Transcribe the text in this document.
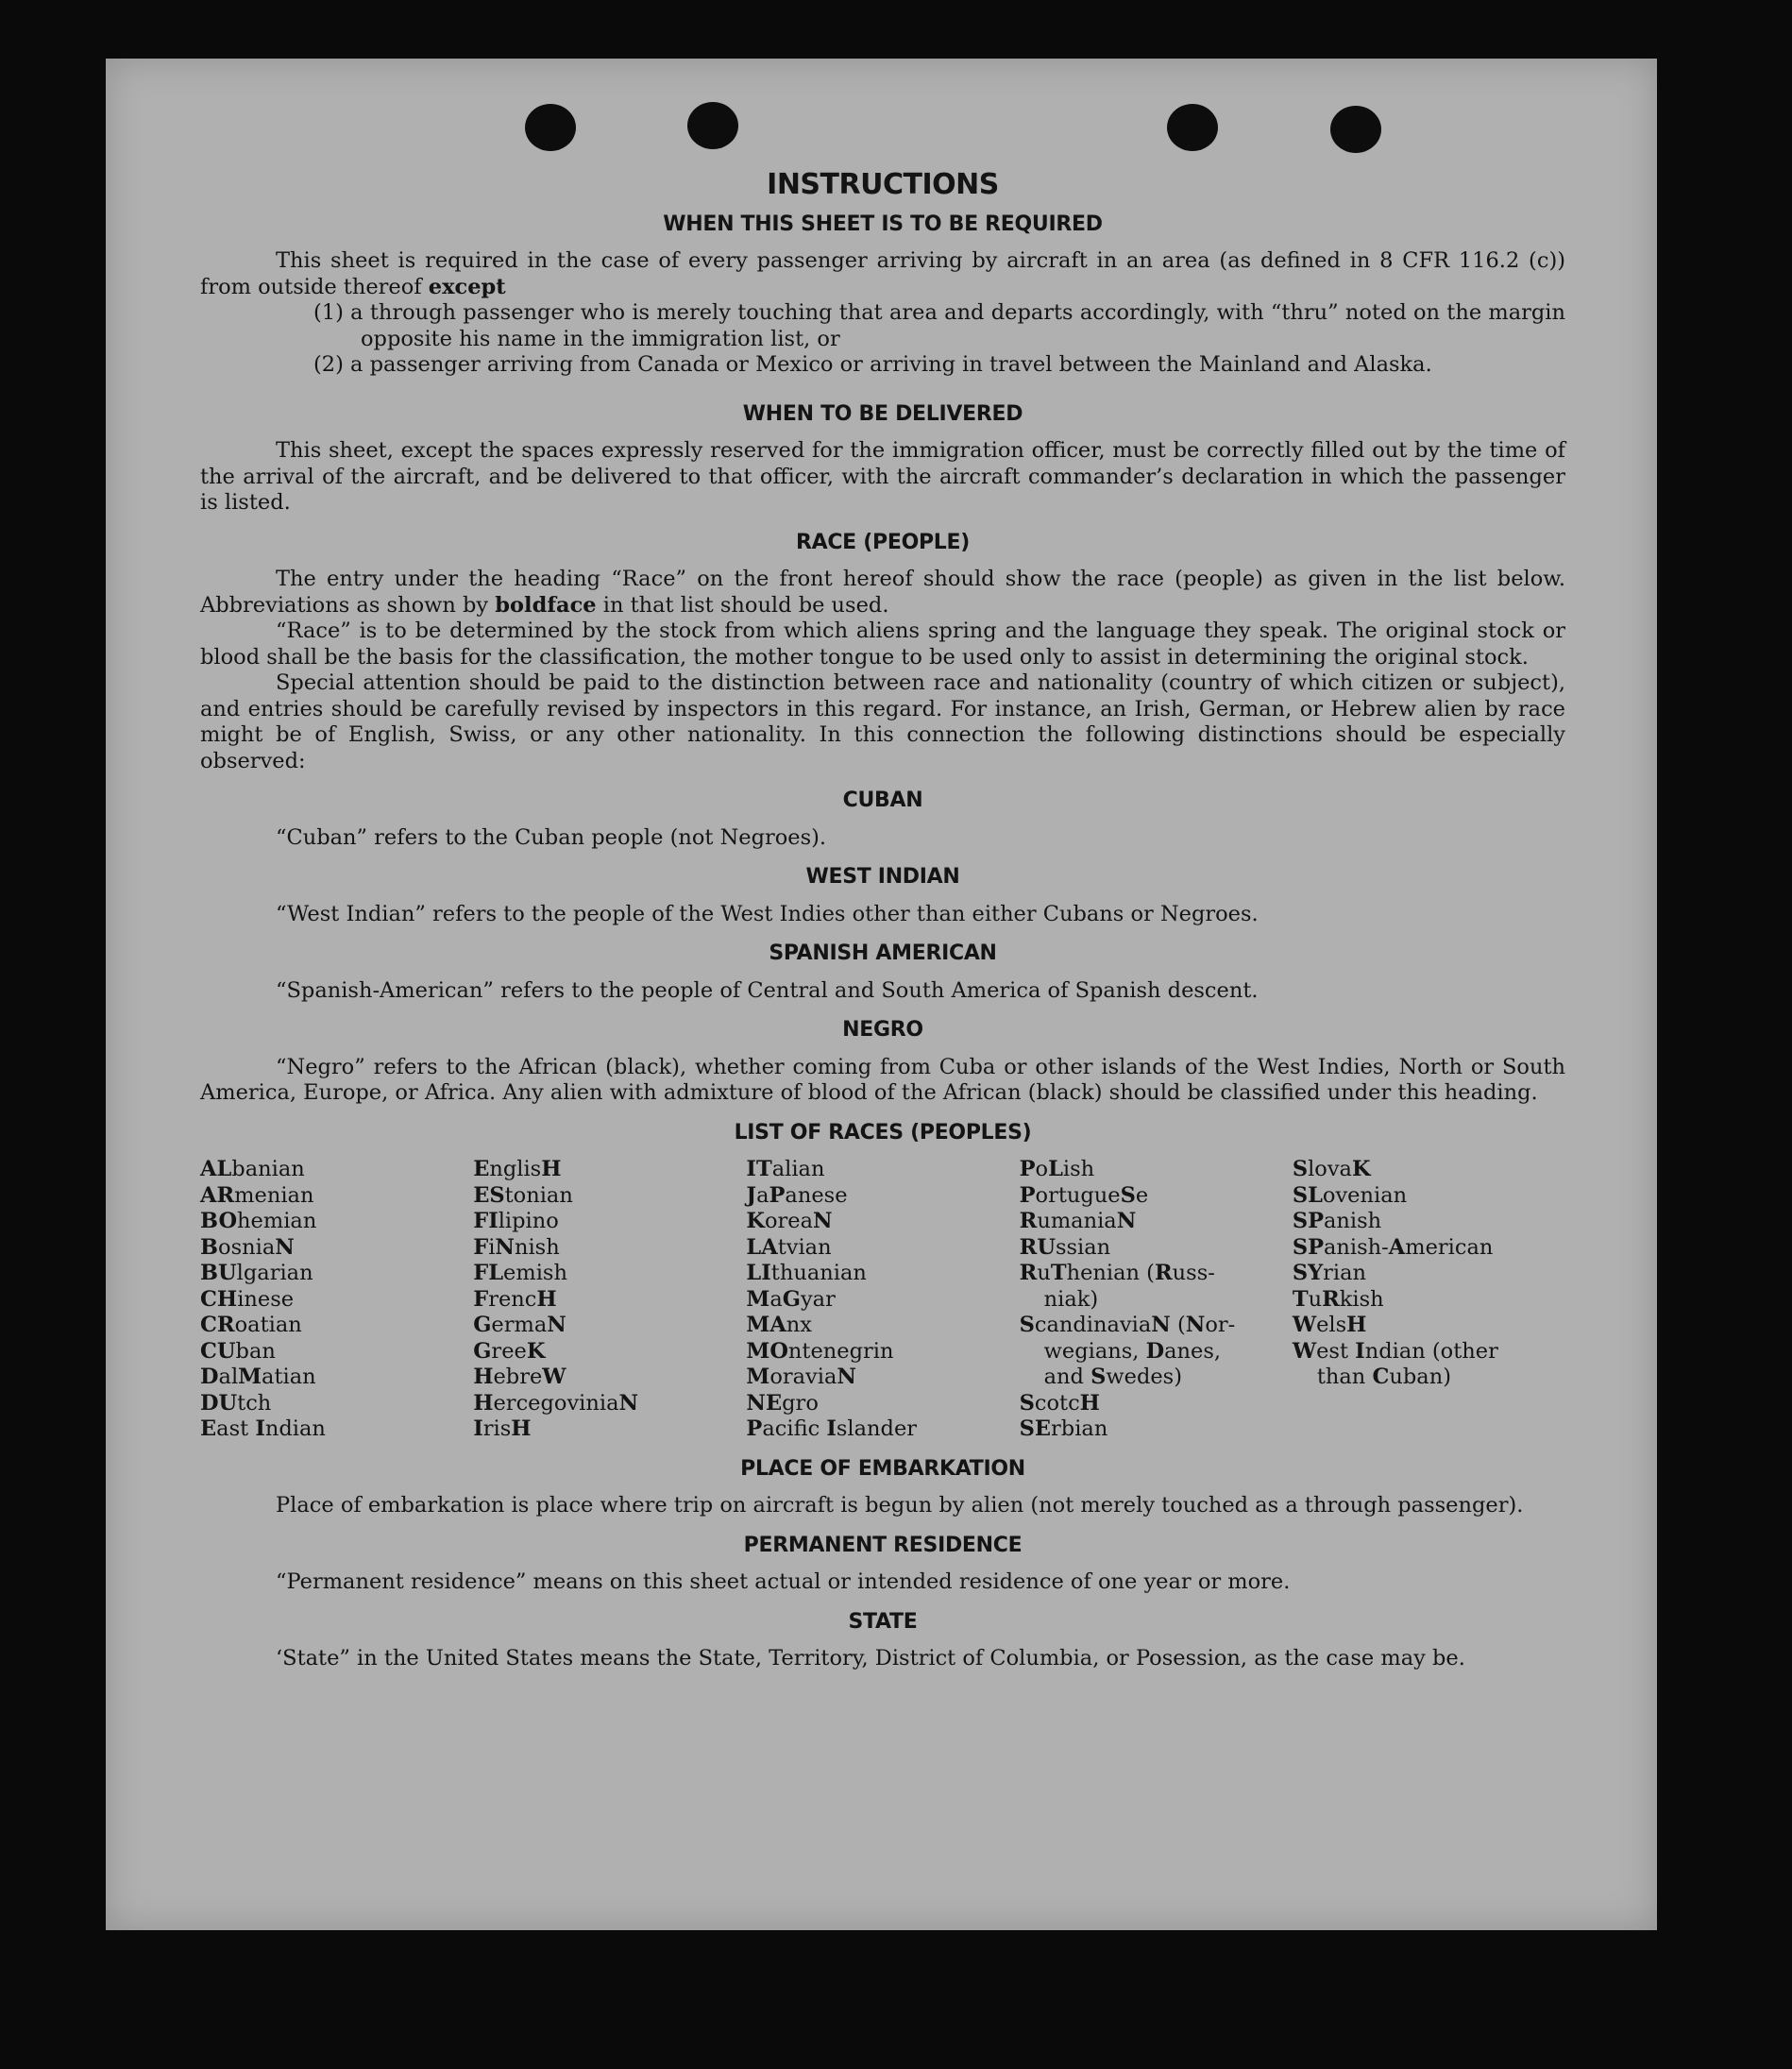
INSTRUCTIONS
WHEN THIS SHEET IS TO BE REQUIRED

This sheet is required in the case of every passenger arriving by aircraft in an area (as defined in 8 CFR 116.2 (c)) from outside thereof except

(1) a through passenger who is merely touching that area and departs accordingly, with “thru” noted on the margin opposite his name in the immigration list, or

(2) a passenger arriving from Canada or Mexico or arriving in travel between the Mainland and Alaska.

WHEN TO BE DELIVERED

This sheet, except the spaces expressly reserved for the immigration officer, must be correctly filled out by the time of the arrival of the aircraft, and be delivered to that officer, with the aircraft commander’s declaration in which the passenger is listed.

RACE (PEOPLE)

The entry under the heading “Race” on the front hereof should show the race (people) as given in the list below. Abbreviations as shown by boldface in that list should be used.

“Race” is to be determined by the stock from which aliens spring and the language they speak. The original stock or blood shall be the basis for the classification, the mother tongue to be used only to assist in determining the original stock.

Special attention should be paid to the distinction between race and nationality (country of which citizen or subject), and entries should be carefully revised by inspectors in this regard. For instance, an Irish, German, or Hebrew alien by race might be of English, Swiss, or any other nationality. In this connection the following distinctions should be especially observed:

CUBAN

“Cuban” refers to the Cuban people (not Negroes).

WEST INDIAN

“West Indian” refers to the people of the West Indies other than either Cubans or Negroes.

SPANISH AMERICAN

“Spanish-American” refers to the people of Central and South America of Spanish descent.

NEGRO

“Negro” refers to the African (black), whether coming from Cuba or other islands of the West Indies, North or South America, Europe, or Africa. Any alien with admixture of blood of the African (black) should be classified under this heading.

LIST OF RACES (PEOPLES)
ALbanian
ARmenian
BOhemian
BosniaN
BUlgarian
CHinese
CRoatian
CUban
DalMatian
DUtch
East Indian
EnglisH
EStonian
FIlipino
FiNnish
FLemish
FrencH
GermaN
GreeK
HebreW
HercegoviniaN
IrisH
ITalian
JaPanese
KoreaN
LAtvian
LIthuanian
MaGyar
MAnx
MOntenegrin
MoraviaN
NEgro
Pacifc Islander
PoLish
PortugueSe
RumaniaN
RUssian
RuThenian (Russ-
niak)
ScandinaviaN (Nor-
wegians, Danes,
and Swedes)
ScotcH
SErbian
SlovaK
SLovenian
SPanish
SPanish-American
SYrian
TuRkish
WelsH
West Indian (other
than Cuban)
PLACE OF EMBARKATION

Place of embarkation is place where trip on aircraft is begun by alien (not merely touched as a through passenger).

PERMANENT RESIDENCE

“Permanent residence” means on this sheet actual or intended residence of one year or more.

STATE

‘State” in the United States means the State, Territory, District of Columbia, or Posession, as the case may be.
